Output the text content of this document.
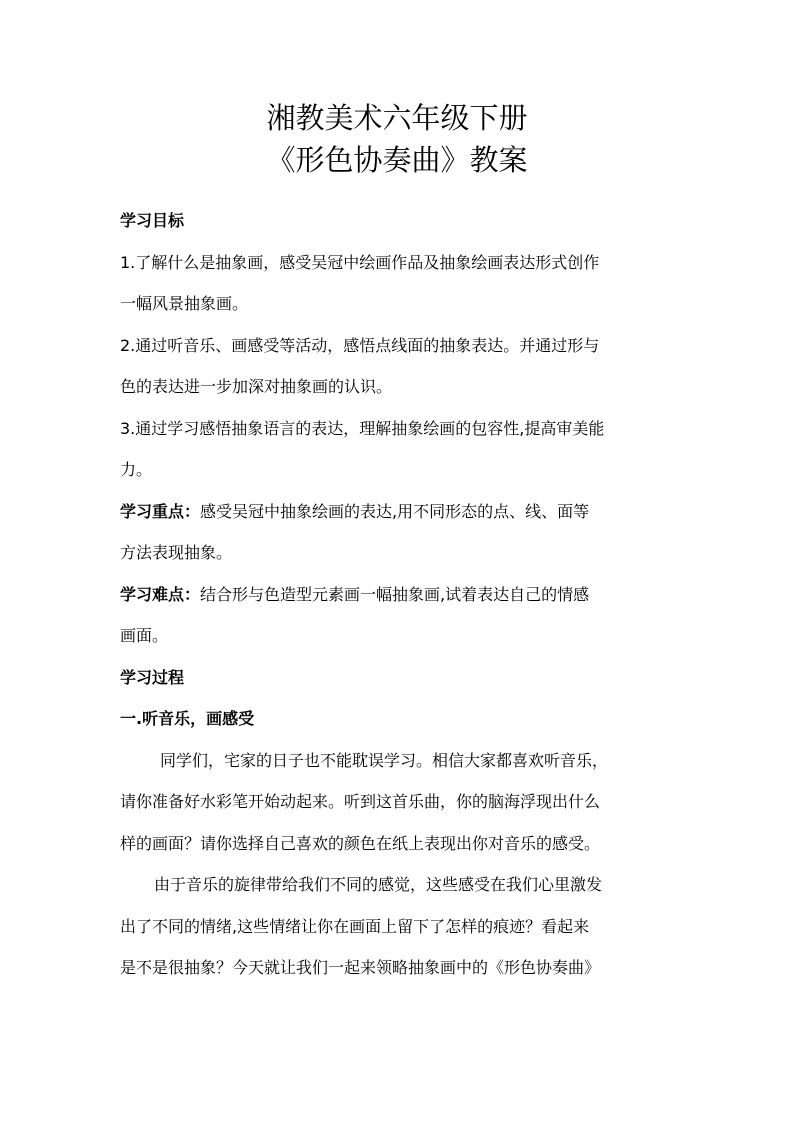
湘教美术六年级下册
《形色协奏曲》教案

学习目标

1.了解什么是抽象画，感受吴冠中绘画作品及抽象绘画表达形式创作

一幅风景抽象画。

2.通过听音乐、画感受等活动，感悟点线面的抽象表达。并通过形与

色的表达进一步加深对抽象画的认识。

3.通过学习感悟抽象语言的表达，理解抽象绘画的包容性,提高审美能

力。

学习重点：感受吴冠中抽象绘画的表达,用不同形态的点、线、面等

方法表现抽象。

学习难点：结合形与色造型元素画一幅抽象画,试着表达自己的情感

画面。

学习过程

一.听音乐，画感受

同学们，宅家的日子也不能耽误学习。相信大家都喜欢听音乐，

请你准备好水彩笔开始动起来。听到这首乐曲，你的脑海浮现出什么

样的画面？请你选择自己喜欢的颜色在纸上表现出你对音乐的感受。

由于音乐的旋律带给我们不同的感觉，这些感受在我们心里激发

出了不同的情绪,这些情绪让你在画面上留下了怎样的痕迹？看起来

是不是很抽象？今天就让我们一起来领略抽象画中的《形色协奏曲》
